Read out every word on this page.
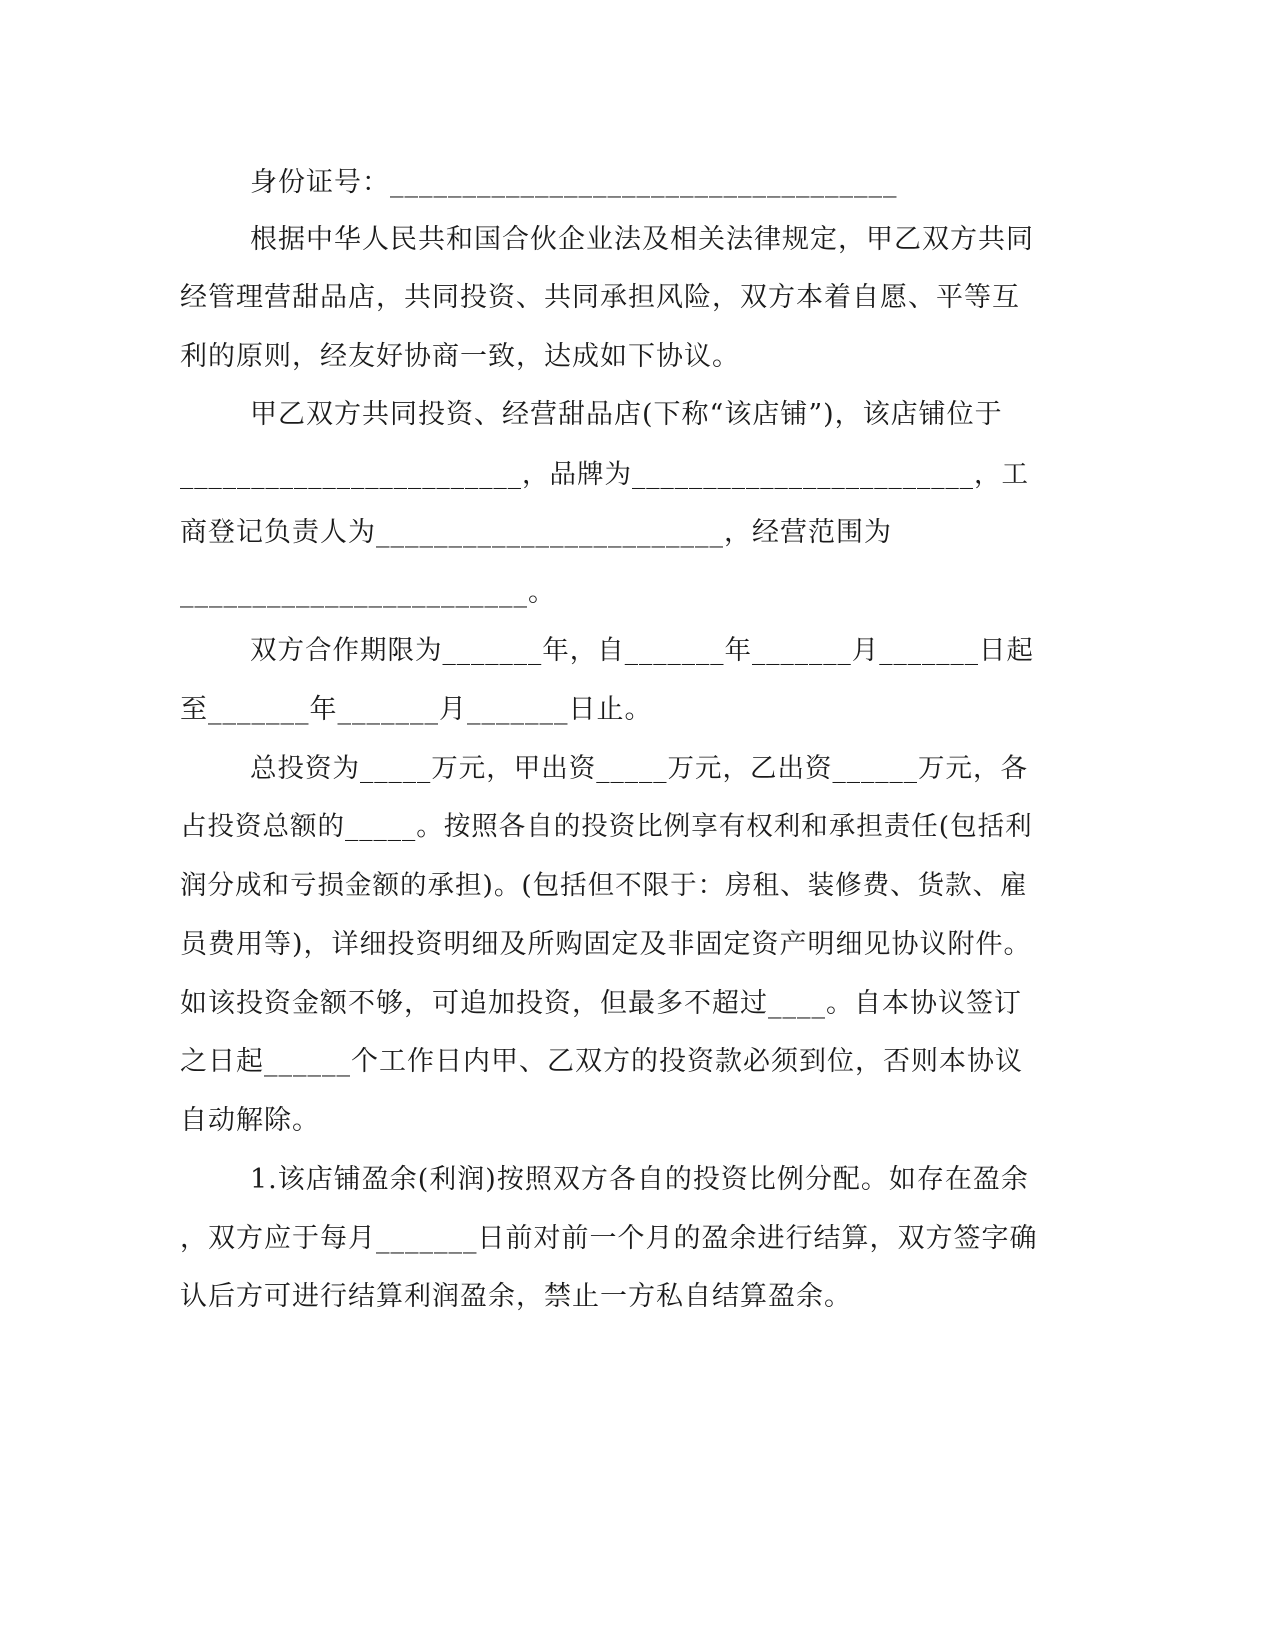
身份证号：___________________________________
根据中华人民共和国合伙企业法及相关法律规定，甲乙双方共同
经管理营甜品店，共同投资、共同承担风险，双方本着自愿、平等互
利的原则，经友好协商一致，达成如下协议。
甲乙双方共同投资、经营甜品店(下称“该店铺”)，该店铺位于
________________________，品牌为________________________，工
商登记负责人为________________________，经营范围为
________________________。
双方合作期限为_______年，自_______年_______月_______日起
至_______年_______月_______日止。
总投资为_____万元，甲出资_____万元，乙出资______万元，各
占投资总额的_____。按照各自的投资比例享有权利和承担责任(包括利
润分成和亏损金额的承担)。(包括但不限于：房租、装修费、货款、雇
员费用等)，详细投资明细及所购固定及非固定资产明细见协议附件。
如该投资金额不够，可追加投资，但最多不超过____。自本协议签订
之日起______个工作日内甲、乙双方的投资款必须到位，否则本协议
自动解除。
1.该店铺盈余(利润)按照双方各自的投资比例分配。如存在盈余
，双方应于每月_______日前对前一个月的盈余进行结算，双方签字确
认后方可进行结算利润盈余，禁止一方私自结算盈余。
